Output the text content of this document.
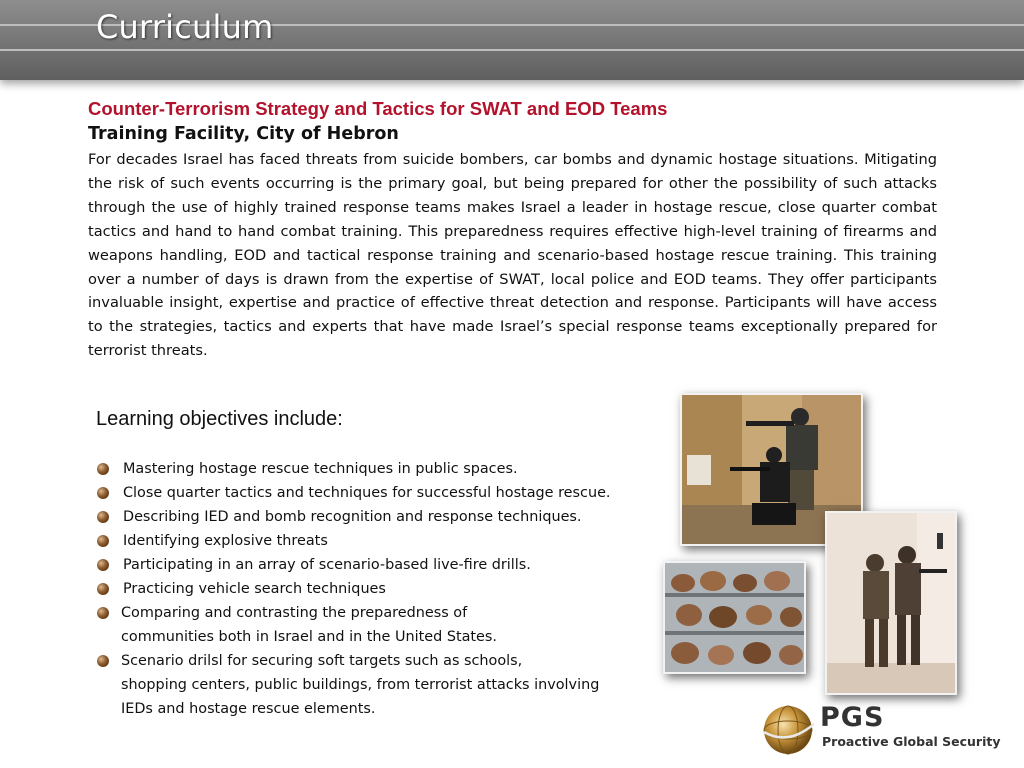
Curriculum
Counter-Terrorism Strategy and Tactics for SWAT and EOD Teams
Training Facility, City of Hebron

For decades Israel has faced threats from suicide bombers, car bombs and dynamic hostage situations. Mitigating the risk of such events occurring is the primary goal, but being prepared for other the possibility of such attacks through the use of highly trained response teams makes Israel a leader in hostage rescue, close quarter combat tactics and hand to hand combat training. This preparedness requires effective high-level training of firearms and weapons handling, EOD and tactical response training and scenario-based hostage rescue training. This training over a number of days is drawn from the expertise of SWAT, local police and EOD teams. They offer participants invaluable insight, expertise and practice of effective threat detection and response. Participants will have access to the strategies, tactics and experts that have made Israel’s special response teams exceptionally prepared for terrorist threats.

Learning objectives include:
Mastering hostage rescue techniques in public spaces.
Close quarter tactics and techniques for successful hostage rescue.
Describing IED and bomb recognition and response techniques.
Identifying explosive threats
Participating in an array of scenario-based live-fire drills.
Practicing vehicle search techniques
Comparing and contrasting the preparedness of
communities both in Israel and in the United States.
Scenario drilsl for securing soft targets such as schools,
shopping centers, public buildings, from terrorist attacks involving
IEDs and hostage rescue elements.	PGS
Proactive Global Security
